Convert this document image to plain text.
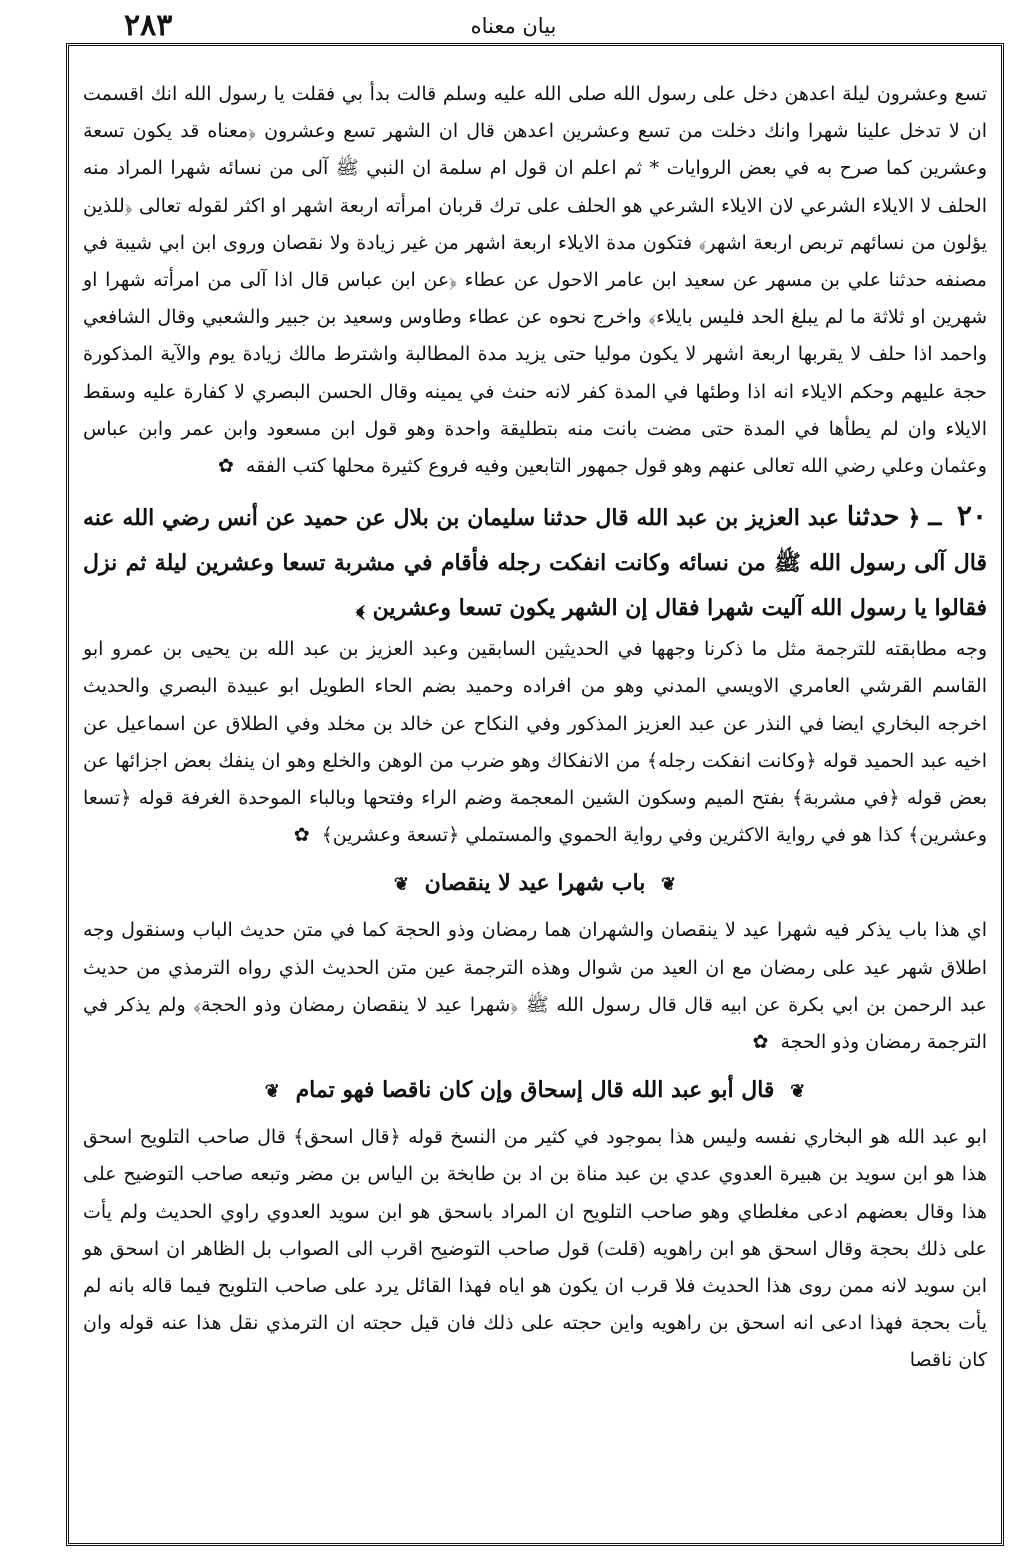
٢٨٣	بيان معناه

تسع وعشرون ليلة اعدهن دخل على رسول الله صلى الله عليه وسلم قالت بدأ بي فقلت يا رسول الله انك اقسمت ان لا تدخل علينا شهرا وانك دخلت من تسع وعشرين اعدهن قال ان الشهر تسع وعشرون ﴿معناه قد يكون تسعة وعشرين كما صرح به في بعض الروايات * ثم اعلم ان قول ام سلمة ان النبي ﷺ آلى من نسائه شهرا المراد منه الحلف لا الايلاء الشرعي لان الايلاء الشرعي هو الحلف على ترك قربان امرأته اربعة اشهر او اكثر لقوله تعالى ﴿للذين يؤلون من نسائهم تربص اربعة اشهر﴾ فتكون مدة الايلاء اربعة اشهر من غير زيادة ولا نقصان وروى ابن ابي شيبة في مصنفه حدثنا علي بن مسهر عن سعيد ابن عامر الاحول عن عطاء ﴿عن ابن عباس قال اذا آلى من امرأته شهرا او شهرين او ثلاثة ما لم يبلغ الحد فليس بايلاء﴾ واخرج نحوه عن عطاء وطاوس وسعيد بن جبير والشعبي وقال الشافعي واحمد اذا حلف لا يقربها اربعة اشهر لا يكون موليا حتى يزيد مدة المطالبة واشترط مالك زيادة يوم والآية المذكورة حجة عليهم وحكم الايلاء انه اذا وطئها في المدة كفر لانه حنث في يمينه وقال الحسن البصري لا كفارة عليه وسقط الايلاء وان لم يطأها في المدة حتى مضت بانت منه بتطليقة واحدة وهو قول ابن مسعود وابن عمر وابن عباس وعثمان وعلي رضي الله تعالى عنهم وهو قول جمهور التابعين وفيه فروع كثيرة محلها كتب الفقه ✿

٢٠ ـ ﴿ حدثنا عبد العزيز بن عبد الله قال حدثنا سليمان بن بلال عن حميد عن أنس رضي الله عنه قال آلى رسول الله ﷺ من نسائه وكانت انفكت رجله فأقام في مشربة تسعا وعشرين ليلة ثم نزل فقالوا يا رسول الله آليت شهرا فقال إن الشهر يكون تسعا وعشرين ﴾

وجه مطابقته للترجمة مثل ما ذكرنا وجهها في الحديثين السابقين وعبد العزيز بن عبد الله بن يحيى بن عمرو ابو القاسم القرشي العامري الاويسي المدني وهو من افراده وحميد بضم الحاء الطويل ابو عبيدة البصري والحديث اخرجه البخاري ايضا في النذر عن عبد العزيز المذكور وفي النكاح عن خالد بن مخلد وفي الطلاق عن اسماعيل عن اخيه عبد الحميد قوله ﴿وكانت انفكت رجله﴾ من الانفكاك وهو ضرب من الوهن والخلع وهو ان ينفك بعض اجزائها عن بعض قوله ﴿في مشربة﴾ بفتح الميم وسكون الشين المعجمة وضم الراء وفتحها وبالباء الموحدة الغرفة قوله ﴿تسعا وعشرين﴾ كذا هو في رواية الاكثرين وفي رواية الحموي والمستملي ﴿تسعة وعشرين﴾ ✿

❦ باب شهرا عيد لا ينقصان ❦

اي هذا باب يذكر فيه شهرا عيد لا ينقصان والشهران هما رمضان وذو الحجة كما في متن حديث الباب وسنقول وجه اطلاق شهر عيد على رمضان مع ان العيد من شوال وهذه الترجمة عين متن الحديث الذي رواه الترمذي من حديث عبد الرحمن بن ابي بكرة عن ابيه قال قال رسول الله ﷺ ﴿شهرا عيد لا ينقصان رمضان وذو الحجة﴾ ولم يذكر في الترجمة رمضان وذو الحجة ✿

❦ قال أبو عبد الله قال إسحاق وإن كان ناقصا فهو تمام ❦

ابو عبد الله هو البخاري نفسه وليس هذا بموجود في كثير من النسخ قوله ﴿قال اسحق﴾ قال صاحب التلويح اسحق هذا هو ابن سويد بن هبيرة العدوي عدي بن عبد مناة بن اد بن طابخة بن الياس بن مضر وتبعه صاحب التوضيح على هذا وقال بعضهم ادعى مغلطاي وهو صاحب التلويح ان المراد باسحق هو ابن سويد العدوي راوي الحديث ولم يأت على ذلك بحجة وقال اسحق هو ابن راهويه (قلت) قول صاحب التوضيح اقرب الى الصواب بل الظاهر ان اسحق هو ابن سويد لانه ممن روى هذا الحديث فلا قرب ان يكون هو اياه فهذا القائل يرد على صاحب التلويح فيما قاله بانه لم يأت بحجة فهذا ادعى انه اسحق بن راهويه واين حجته على ذلك فان قيل حجته ان الترمذي نقل هذا عنه قوله وان كان ناقصا
